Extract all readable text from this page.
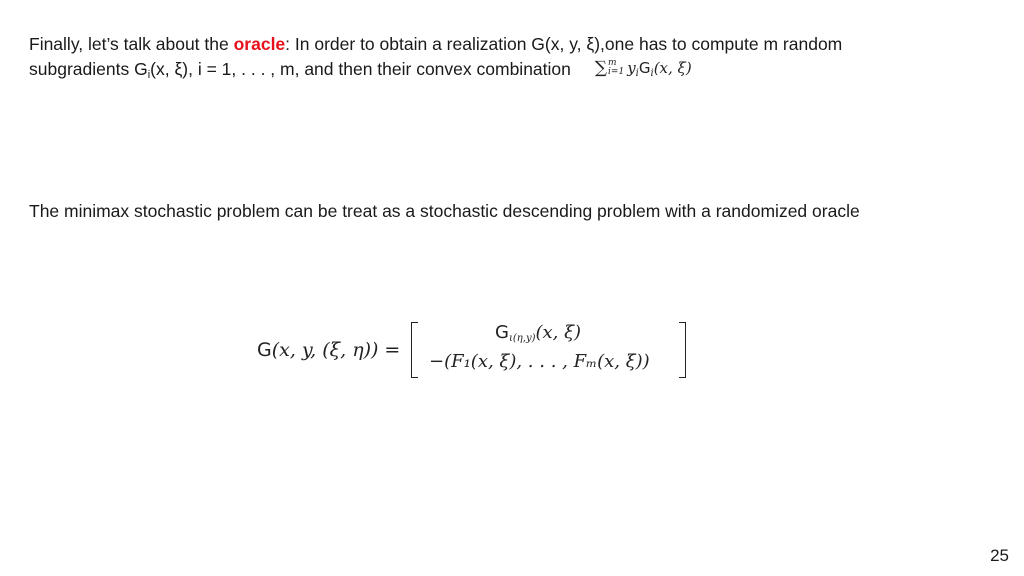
Finally, let’s talk about the oracle: In order to obtain a realization G(x, y, ξ),one has to compute m random
subgradients $G_i(x$, ξ), i = 1, . . . , m, and then their convex combination ∑ m
i=1 $y_iG_i(x$, ξ)

The minimax stochastic problem can be treat as a stochastic descending problem with a randomized oracle

G(x, y, (ξ, η)) =
$G_{\iota(\eta,y)}(x$, ξ)
−(F₁(x, ξ), . . . , Fₘ(x, ξ))
25
